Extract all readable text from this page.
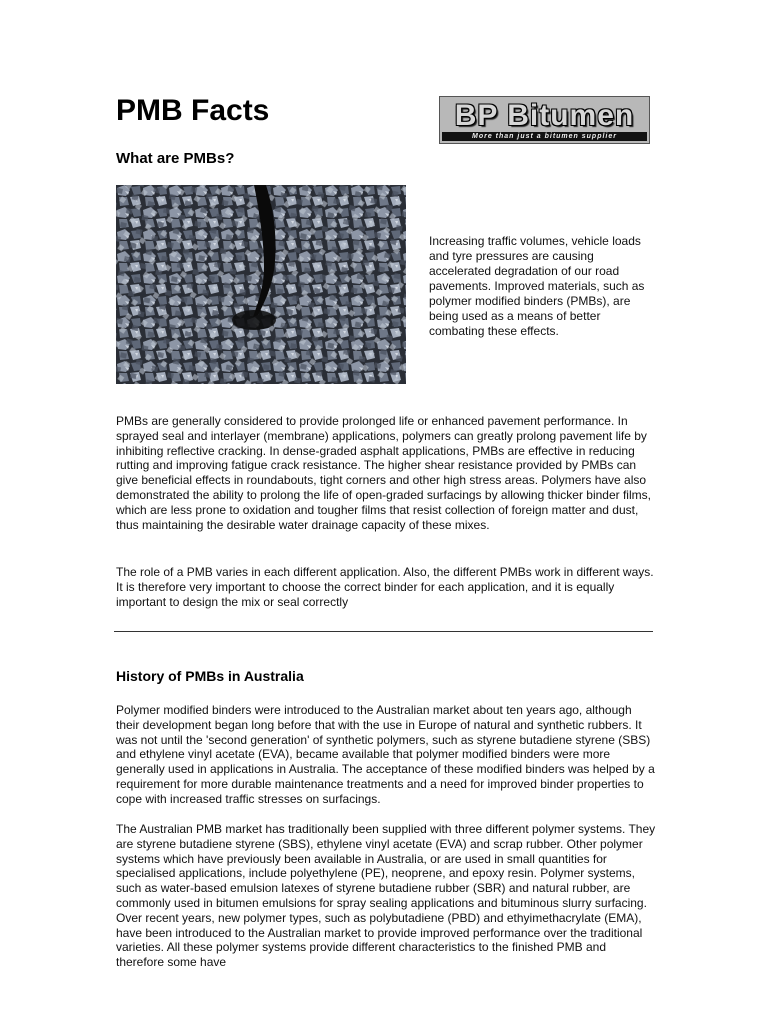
PMB Facts	BP Bitumen
More than just a bitumen supplier
What are PMBs?

Increasing traffic volumes, vehicle loads and tyre pressures are causing accelerated degradation of our road pavements. Improved materials, such as polymer modified binders (PMBs), are being used as a means of better combating these effects.

PMBs are generally considered to provide prolonged life or enhanced pavement performance. In sprayed seal and interlayer (membrane) applications, polymers can greatly prolong pavement life by inhibiting reflective cracking. In dense-graded asphalt applications, PMBs are effective in reducing rutting and improving fatigue crack resistance. The higher shear resistance provided by PMBs can give beneficial effects in roundabouts, tight corners and other high stress areas. Polymers have also demonstrated the ability to prolong the life of open-graded surfacings by allowing thicker binder films, which are less prone to oxidation and tougher films that resist collection of foreign matter and dust, thus maintaining the desirable water drainage capacity of these mixes.

The role of a PMB varies in each different application. Also, the different PMBs work in different ways. It is therefore very important to choose the correct binder for each application, and it is equally important to design the mix or seal correctly

History of PMBs in Australia

Polymer modified binders were introduced to the Australian market about ten years ago, although their development began long before that with the use in Europe of natural and synthetic rubbers. It was not until the 'second generation' of synthetic polymers, such as styrene butadiene styrene (SBS) and ethylene vinyl acetate (EVA), became available that polymer modified binders were more generally used in applications in Australia. The acceptance of these modified binders was helped by a requirement for more durable maintenance treatments and a need for improved binder properties to cope with increased traffic stresses on surfacings.

The Australian PMB market has traditionally been supplied with three different polymer systems. They are styrene butadiene styrene (SBS), ethylene vinyl acetate (EVA) and scrap rubber. Other polymer systems which have previously been available in Australia, or are used in small quantities for specialised applications, include polyethylene (PE), neoprene, and epoxy resin. Polymer systems, such as water-based emulsion latexes of styrene butadiene rubber (SBR) and natural rubber, are commonly used in bitumen emulsions for spray sealing applications and bituminous slurry surfacing. Over recent years, new polymer types, such as polybutadiene (PBD) and ethyimethacrylate (EMA), have been introduced to the Australian market to provide improved performance over the traditional varieties. All these polymer systems provide different characteristics to the finished PMB and therefore some have
